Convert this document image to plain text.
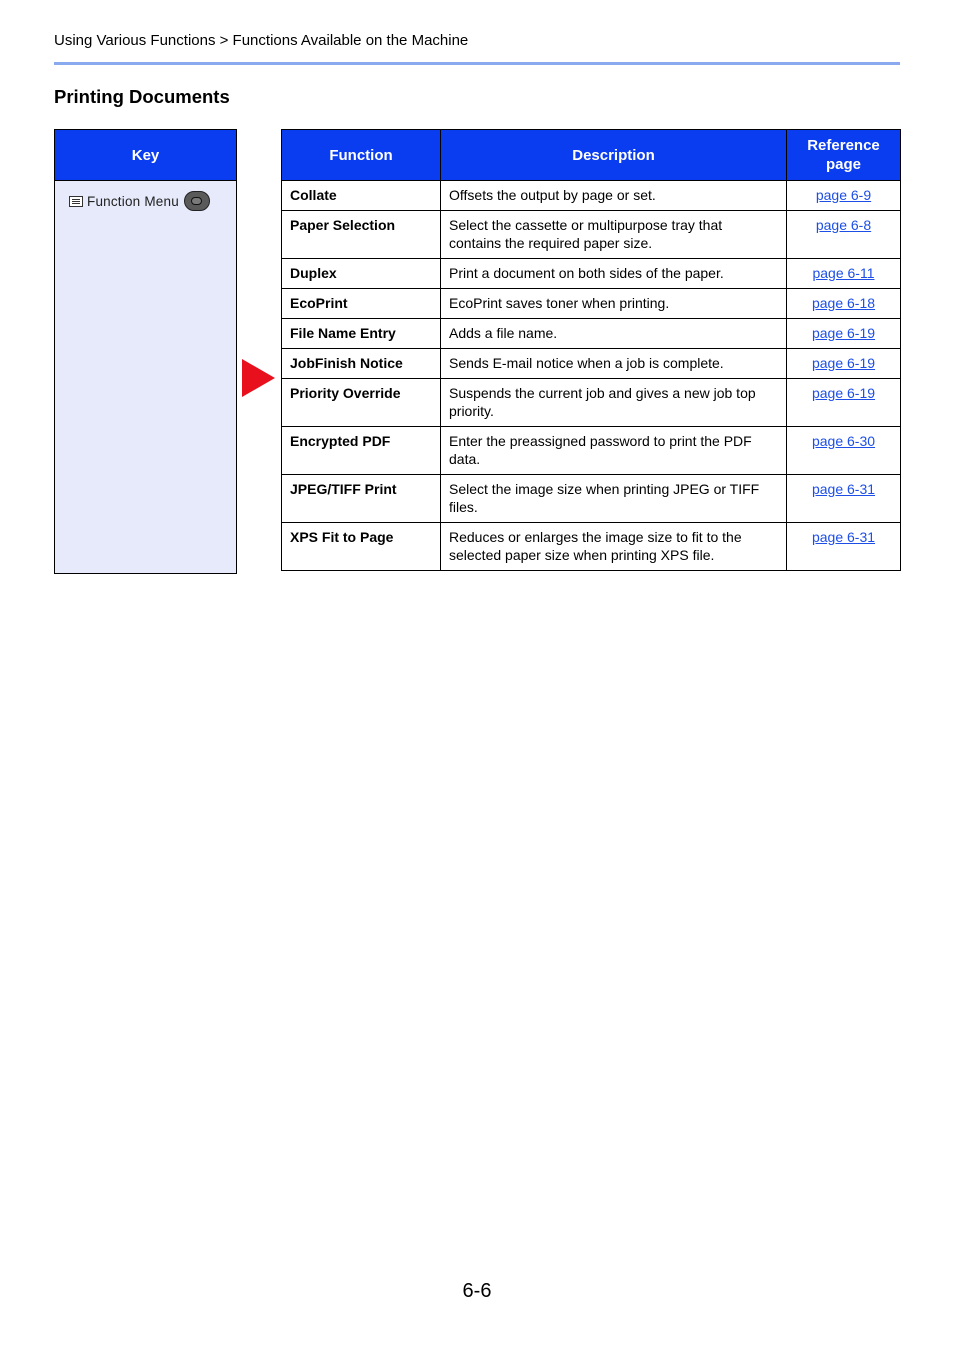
Using Various Functions > Functions Available on the Machine
Printing Documents
Key
Function Menu
Function	Description	Reference page
Collate	Offsets the output by page or set.	page 6-9
Paper Selection	Select the cassette or multipurpose tray that contains the required paper size.	page 6-8
Duplex	Print a document on both sides of the paper.	page 6-11
EcoPrint	EcoPrint saves toner when printing.	page 6-18
File Name Entry	Adds a file name.	page 6-19
JobFinish Notice	Sends E-mail notice when a job is complete.	page 6-19
Priority Override	Suspends the current job and gives a new job top priority.	page 6-19
Encrypted PDF	Enter the preassigned password to print the PDF data.	page 6-30
JPEG/TIFF Print	Select the image size when printing JPEG or TIFF files.	page 6-31
XPS Fit to Page	Reduces or enlarges the image size to fit to the selected paper size when printing XPS file.	page 6-31
6-6
